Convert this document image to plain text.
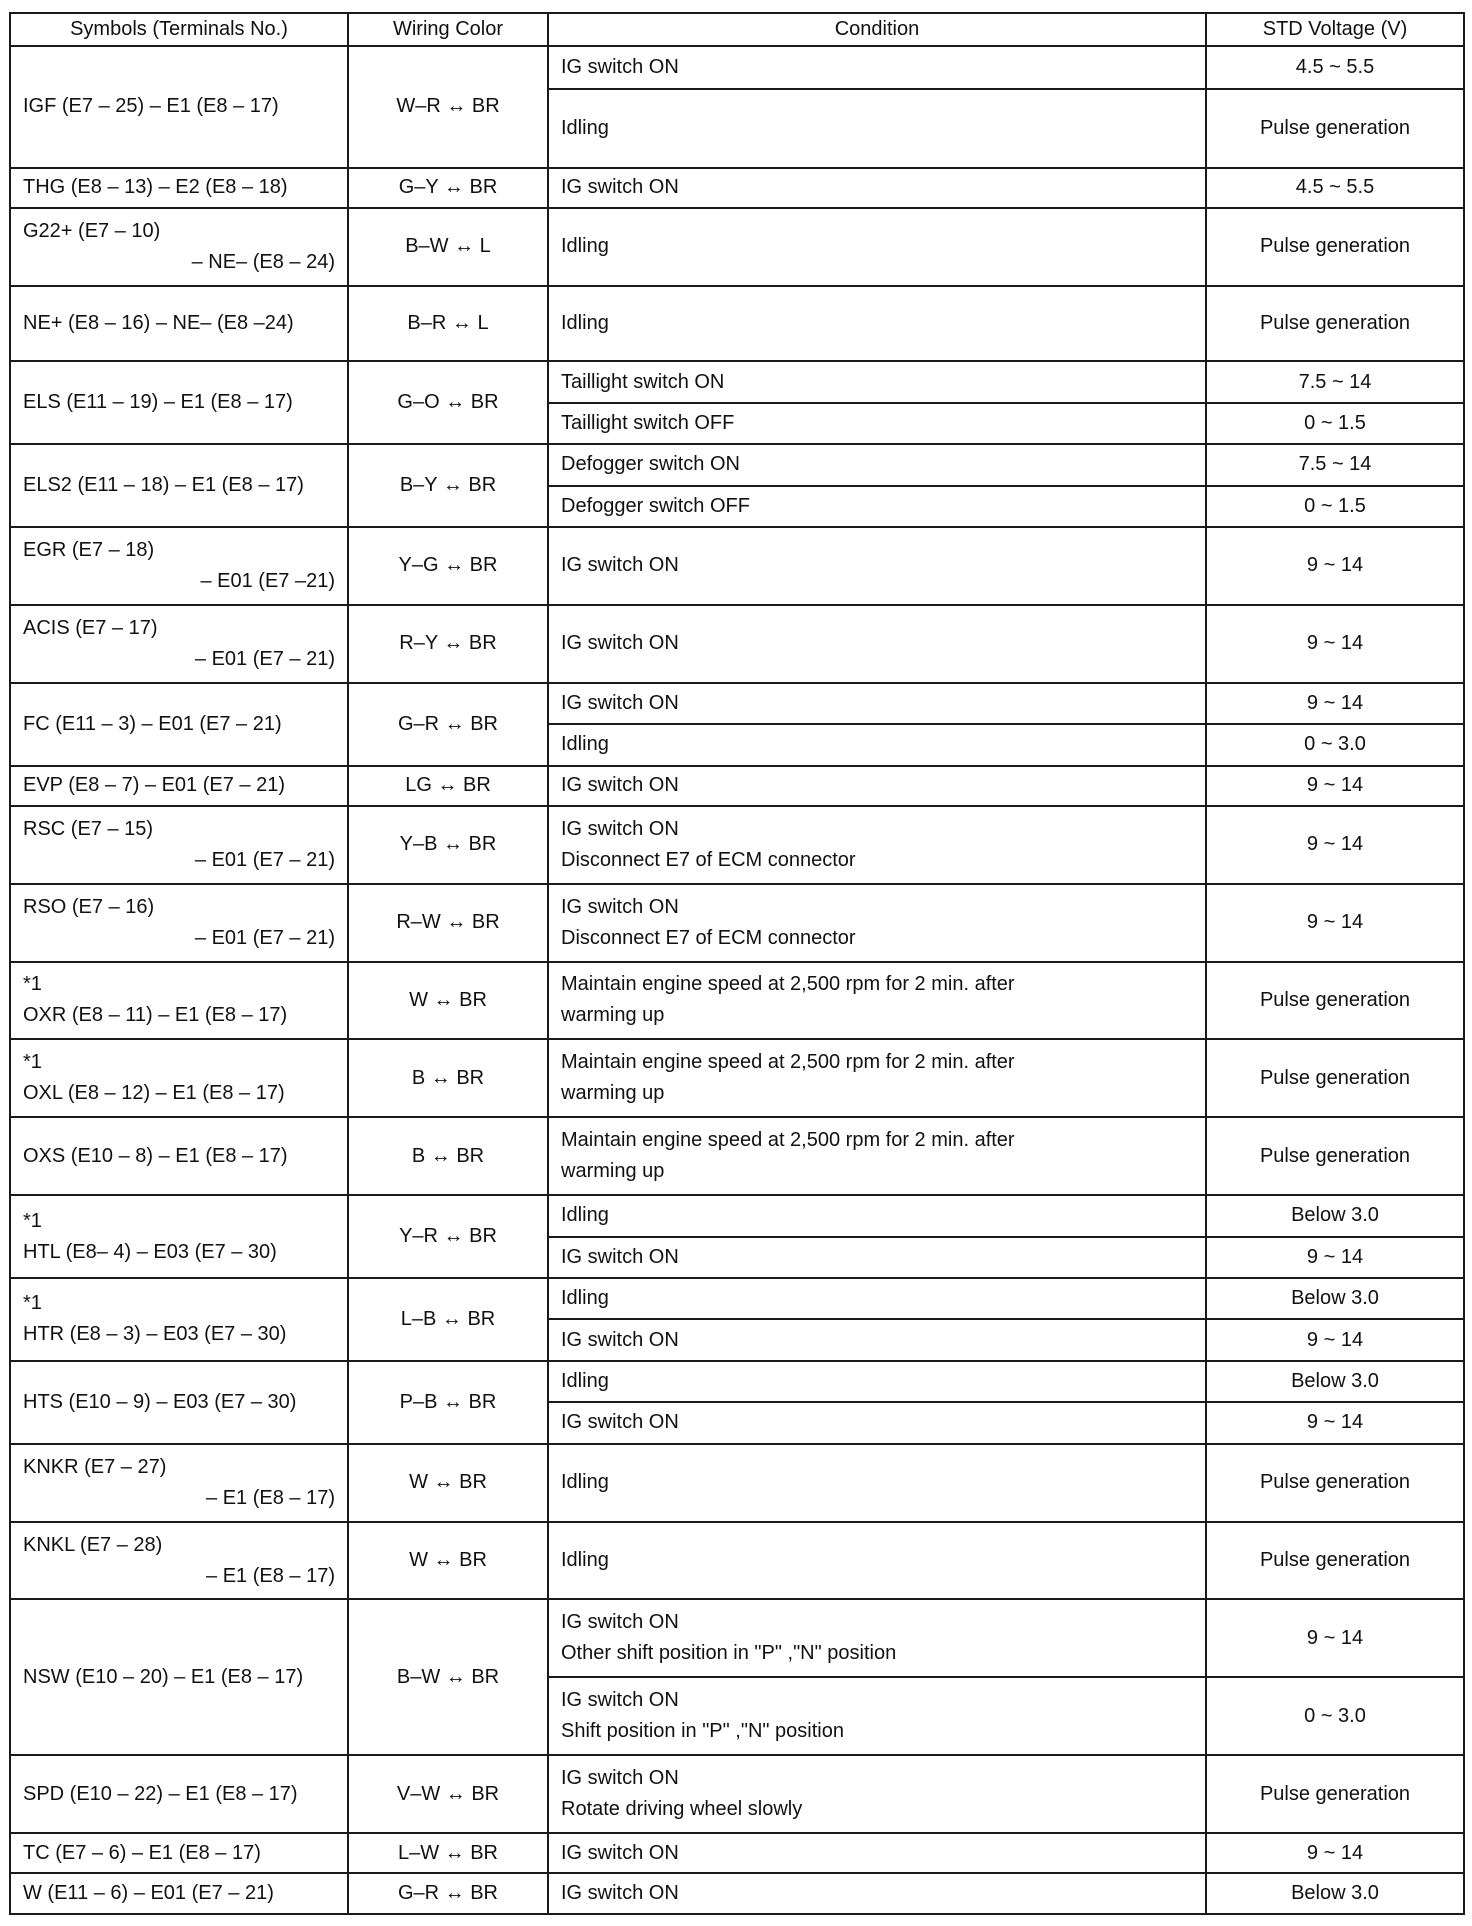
Symbols (Terminals No.)	Wiring Color	Condition	STD Voltage (V)

IGF (E7 – 25) – E1 (E8 – 17)	W–R ↔ BR	IG switch ON	4.5 ~ 5.5

		Idling	Pulse generation

THG (E8 – 13) – E2 (E8 – 18)	G–Y ↔ BR	IG switch ON	4.5 ~ 5.5

G22+ (E7 – 10)
– NE– (E8 – 24)	B–W ↔ L	Idling	Pulse generation

NE+ (E8 – 16) – NE– (E8 –24)	B–R ↔ L	Idling	Pulse generation

ELS (E11 – 19) – E1 (E8 – 17)	G–O ↔ BR	Taillight switch ON	7.5 ~ 14

		Taillight switch OFF	0 ~ 1.5

ELS2 (E11 – 18) – E1 (E8 – 17)	B–Y ↔ BR	Defogger switch ON	7.5 ~ 14

		Defogger switch OFF	0 ~ 1.5

EGR (E7 – 18)
– E01 (E7 –21)	Y–G ↔ BR	IG switch ON	9 ~ 14

ACIS (E7 – 17)
– E01 (E7 – 21)	R–Y ↔ BR	IG switch ON	9 ~ 14

FC (E11 – 3) – E01 (E7 – 21)	G–R ↔ BR	IG switch ON	9 ~ 14

		Idling	0 ~ 3.0

EVP (E8 – 7) – E01 (E7 – 21)	LG ↔ BR	IG switch ON	9 ~ 14

RSC (E7 – 15)
– E01 (E7 – 21)	Y–B ↔ BR	IG switch ON
Disconnect E7 of ECM connector	9 ~ 14

RSO (E7 – 16)
– E01 (E7 – 21)	R–W ↔ BR	IG switch ON
Disconnect E7 of ECM connector	9 ~ 14

*1
OXR (E8 – 11) – E1 (E8 – 17)	W ↔ BR	Maintain engine speed at 2,500 rpm for 2 min. after
warming up	Pulse generation

*1
OXL (E8 – 12) – E1 (E8 – 17)	B ↔ BR	Maintain engine speed at 2,500 rpm for 2 min. after
warming up	Pulse generation

OXS (E10 – 8) – E1 (E8 – 17)	B ↔ BR	Maintain engine speed at 2,500 rpm for 2 min. after
warming up	Pulse generation

*1
HTL (E8– 4) – E03 (E7 – 30)	Y–R ↔ BR	Idling	Below 3.0

		IG switch ON	9 ~ 14

*1
HTR (E8 – 3) – E03 (E7 – 30)	L–B ↔ BR	Idling	Below 3.0

		IG switch ON	9 ~ 14

HTS (E10 – 9) – E03 (E7 – 30)	P–B ↔ BR	Idling	Below 3.0

		IG switch ON	9 ~ 14

KNKR (E7 – 27)
– E1 (E8 – 17)	W ↔ BR	Idling	Pulse generation

KNKL (E7 – 28)
– E1 (E8 – 17)	W ↔ BR	Idling	Pulse generation

NSW (E10 – 20) – E1 (E8 – 17)	B–W ↔ BR	IG switch ON
Other shift position in "P" ,"N" position	9 ~ 14

		IG switch ON
Shift position in "P" ,"N" position	0 ~ 3.0

SPD (E10 – 22) – E1 (E8 – 17)	V–W ↔ BR	IG switch ON
Rotate driving wheel slowly	Pulse generation

TC (E7 – 6) – E1 (E8 – 17)	L–W ↔ BR	IG switch ON	9 ~ 14

W (E11 – 6) – E01 (E7 – 21)	G–R ↔ BR	IG switch ON	Below 3.0
